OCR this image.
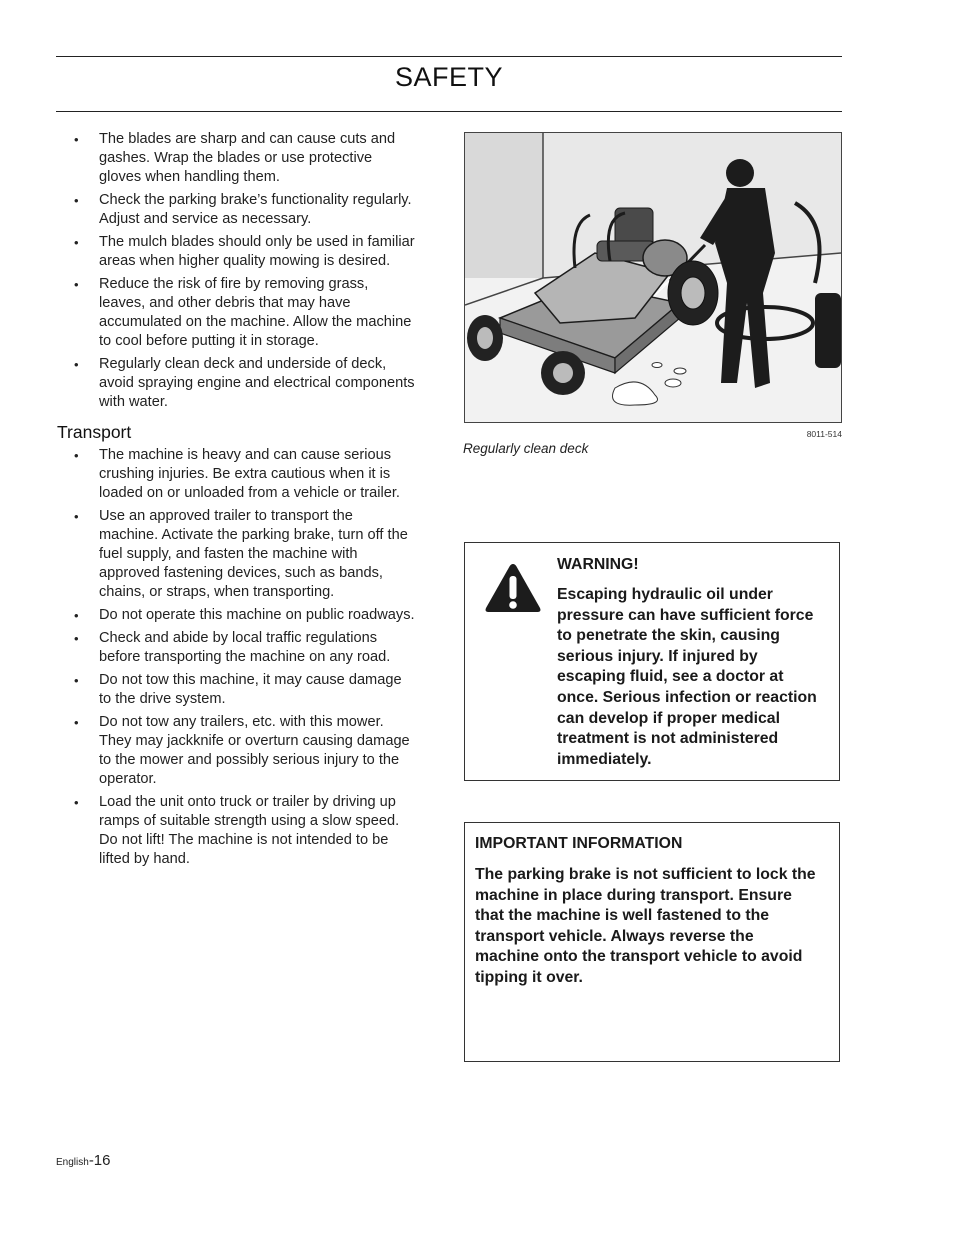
SAFETY
• The blades are sharp and can cause cuts and gashes. Wrap the blades or use protective gloves when handling them.
• Check the parking brake’s functionality regularly. Adjust and service as necessary.
• The mulch blades should only be used in familiar areas when higher quality mowing is desired.
• Reduce the risk of fire by removing grass, leaves, and other debris that may have accumulated on the machine. Allow the machine to cool before putting it in storage.
• Regularly clean deck and underside of deck, avoid spraying engine and electrical components with water.
Transport
• The machine is heavy and can cause serious crushing injuries. Be extra cautious when it is loaded on or unloaded from a vehicle or trailer.
• Use an approved trailer to transport the machine. Activate the parking brake, turn off the fuel supply, and fasten the machine with approved fastening devices, such as bands, chains, or straps, when transporting.
• Do not operate this machine on public roadways.
• Check and abide by local traffic regulations before transporting the machine on any road.
• Do not tow this machine, it may cause damage to the drive system.
• Do not tow any trailers, etc. with this mower. They may jackknife or overturn causing damage to the mower and possibly serious injury to the operator.
• Load the unit onto truck or trailer by driving up ramps of suitable strength using a slow speed. Do not lift! The machine is not intended to be lifted by hand.
8011-514
Regularly clean deck
WARNING!
Escaping hydraulic oil under pressure can have sufficient force to penetrate the skin, causing serious injury. If injured by escaping fluid, see a doctor at once. Serious infection or reaction can develop if proper medical treatment is not administered immediately.
IMPORTANT INFORMATION
The parking brake is not sufficient to lock the machine in place during transport. Ensure that the machine is well fastened to the transport vehicle. Always reverse the machine onto the transport vehicle to avoid tipping it over.
English-16
